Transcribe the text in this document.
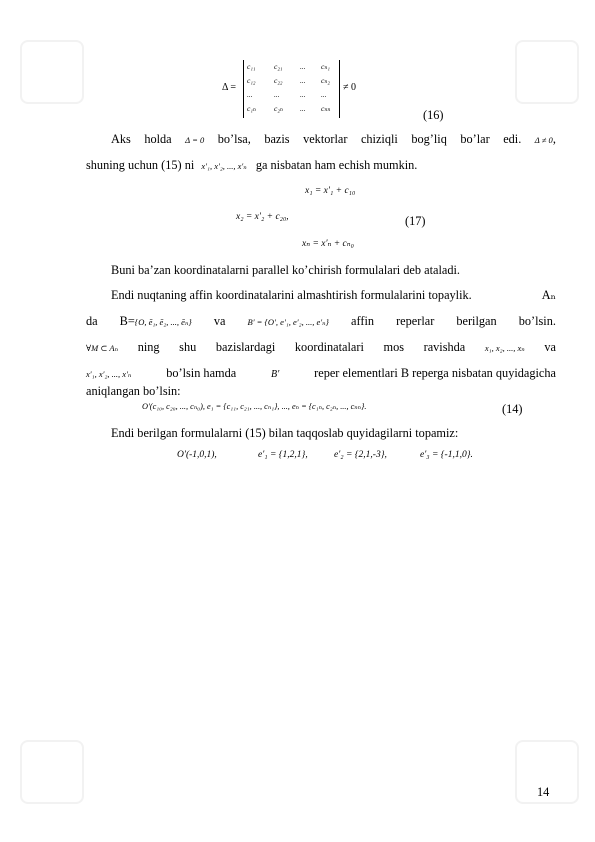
Δ =
c₁₁ c₂₁ ... cₙ₁
c₁₂ c₂₂ ... cₙ₂
...	...	... ...
c₁ₙ c₂ₙ ... cₙₙ
≠ 0
(16)
Aks holda Δ = 0 bo’lsa, bazis vektorlar chiziqli bog’liq bo’lar edi. Δ ≠ 0,
shuning uchun (15) ni x′₁, x′₂, ..., x′ₙ ga nisbatan ham echish mumkin.
x₁ = x′₁ + c₁₀
x₂ = x′₂ + c₂₀,	(17)
xₙ = x′ₙ + cₙ₀
Buni ba’zan koordinatalarni parallel ko’chirish formulalari deb ataladi.
Endi nuqtaning affin koordinatalarini almashtirish formulalarini topaylik.	Aₙ
da B={O, ē₁, ē₂, ..., ēₙ} va	B′ = {O′, e′₁, e′₂, ..., e′ₙ} affin reperlar berilgan bo’lsin.
∀M ⊂ Aₙ ning shu bazislardagi koordinatalari mos ravishda x₁, x₂, ..., xₙ va
x′₁, x′₂, ..., x′ₙ	bo’lsin hamda	B′	reper elementlari B reperga nisbatan quyidagicha
aniqlangan bo’lsin:
O′(c₁₀, c₂₀, ..., cₙ₀), e₁ = {c₁₁, c₂₁, ..., cₙ₁}, ..., eₙ = {c₁ₙ, c₂ₙ, ..., cₙₙ}.	(14)
Endi berilgan formulalarni (15) bilan taqqoslab quyidagilarni topamiz:
O′(-1,0,1),	e′₁ = {1,2,1},	e′₂ = {2,1,-3},	e′₃ = {-1,1,0}.
14
